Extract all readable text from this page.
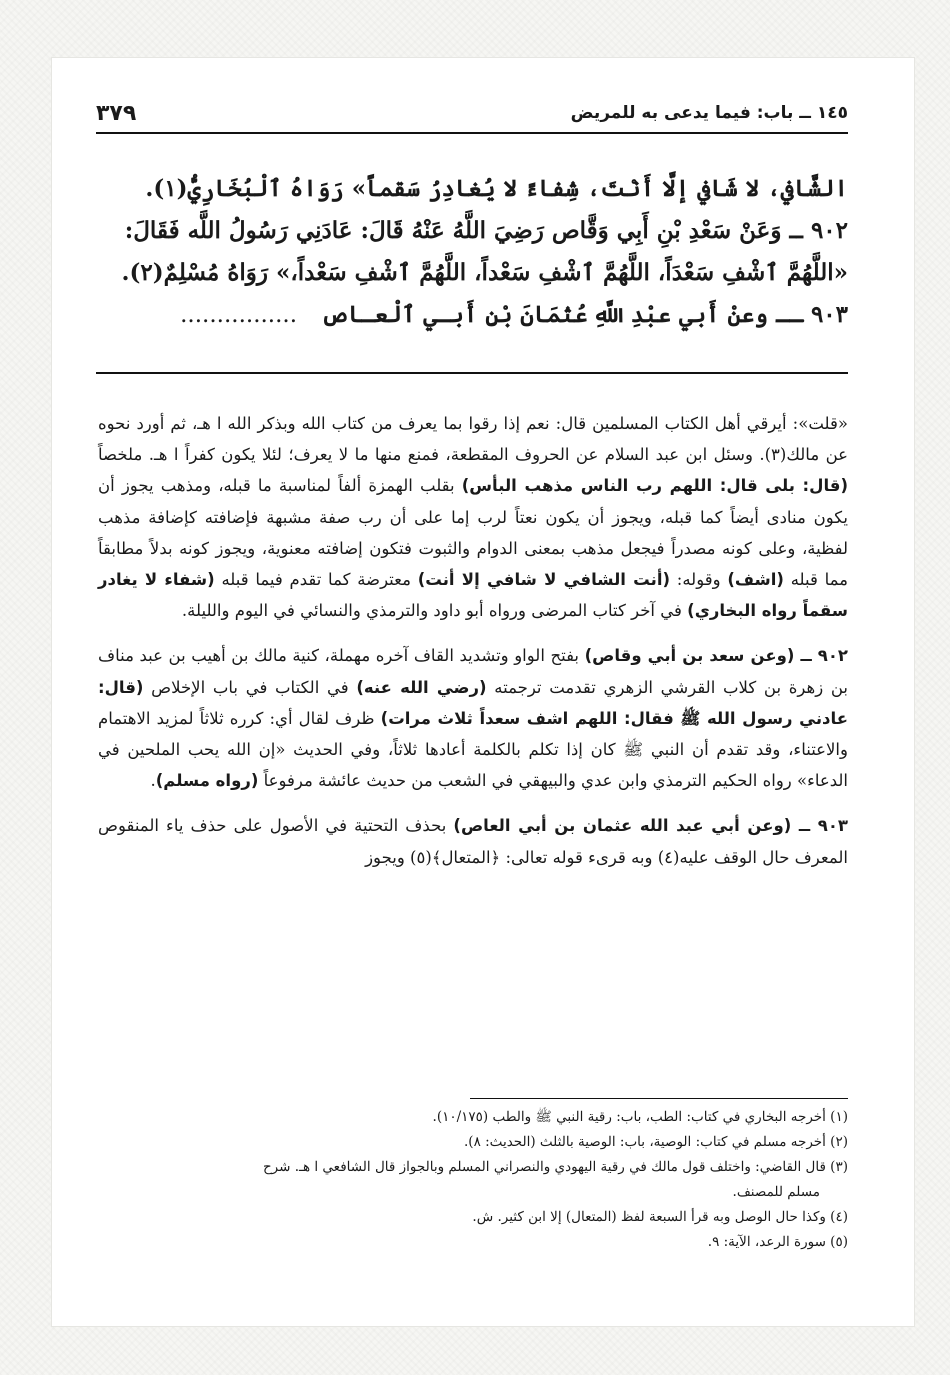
١٤٥ ــ باب: فيما يدعى به للمريض
٣٧٩

الشَّافي، لا شَافي إلَّا أَنْتَ، شِفاءً لا يُغادِرُ سَقماً» رَوَاهُ ٱلْبُخَارِيُّ(١).

٩٠٢ ــ وَعَنْ سَعْدِ بْنِ أَبِي وَقَّاص رَضِيَ اللَّهُ عَنْهُ قَالَ: عَادَنِي رَسُولُ اللَّه فَقَالَ:

«اللَّهُمَّ ٱشْفِ سَعْدَاً، اللَّهُمَّ ٱشْفِ سَعْداً، اللَّهُمَّ ٱشْفِ سَعْداً،» رَوَاهُ مُسْلِمٌ(٢).

٩٠٣ ــ وعنْ أَبي عبْدِ اللَّهِ عُثمَانَ بْنِ أَبـي ٱلْعـاص   ................

«قلت»: أيرقي أهل الكتاب المسلمين قال: نعم إذا رقوا بما يعرف من كتاب الله وبذكر الله ا هـ، ثم أورد نحوه عن مالك(٣). وسئل ابن عبد السلام عن الحروف المقطعة، فمنع منها ما لا يعرف؛ لئلا يكون كفراً ا هـ. ملخصاً (قال: بلى قال: اللهم رب الناس مذهب البأس) بقلب الهمزة ألفاً لمناسبة ما قبله، ومذهب يجوز أن يكون منادى أيضاً كما قبله، ويجوز أن يكون نعتاً لرب إما على أن رب صفة مشبهة فإضافته كإضافة مذهب لفظية، وعلى كونه مصدراً فيجعل مذهب بمعنى الدوام والثبوت فتكون إضافته معنوية، ويجوز كونه بدلاً مطابقاً مما قبله (اشف) وقوله: (أنت الشافي لا شافي إلا أنت) معترضة كما تقدم فيما قبله (شفاء لا يغادر سقماً رواه البخاري) في آخر كتاب المرضى ورواه أبو داود والترمذي والنسائي في اليوم والليلة.

٩٠٢ ــ (وعن سعد بن أبي وقاص) بفتح الواو وتشديد القاف آخره مهملة، كنية مالك بن أهيب بن عبد مناف بن زهرة بن كلاب القرشي الزهري تقدمت ترجمته (رضي الله عنه) في الكتاب في باب الإخلاص (قال: عادني رسول الله ﷺ فقال: اللهم اشف سعداً ثلاث مرات) ظرف لقال أي: كرره ثلاثاً لمزيد الاهتمام والاعتناء، وقد تقدم أن النبي ﷺ كان إذا تكلم بالكلمة أعادها ثلاثاً، وفي الحديث «إن الله يحب الملحين في الدعاء» رواه الحكيم الترمذي وابن عدي والبيهقي في الشعب من حديث عائشة مرفوعاً (رواه مسلم).

٩٠٣ ــ (وعن أبي عبد الله عثمان بن أبي العاص) بحذف التحتية في الأصول على حذف ياء المنقوص المعرف حال الوقف عليه(٤) وبه قرىء قوله تعالى: ﴿المتعال﴾(٥) ويجوز

(١) أخرجه البخاري في كتاب: الطب، باب: رقية النبي ﷺ والطب (١٠/١٧٥).

(٢) أخرجه مسلم في كتاب: الوصية، باب: الوصية بالثلث (الحديث: ٨).

(٣) قال القاضي: واختلف قول مالك في رقية اليهودي والنصراني المسلم وبالجواز قال الشافعي ا هـ. شرح

مسلم للمصنف.

(٤) وكذا حال الوصل وبه قرأ السبعة لفظ (المتعال) إلا ابن كثير. ش.

(٥) سورة الرعد، الآية: ٩.
